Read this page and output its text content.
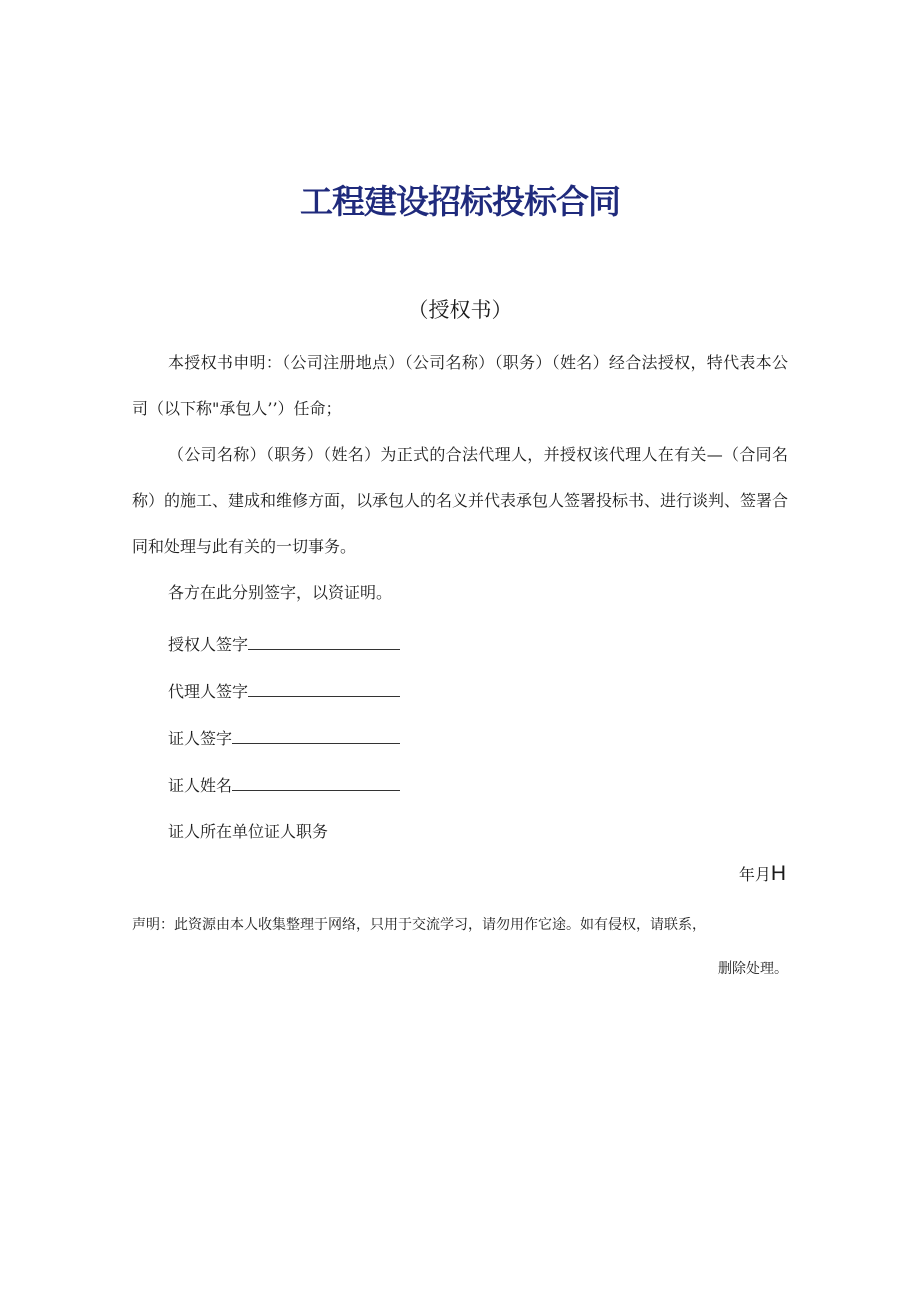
工程建设招标投标合同
（授权书）
本授权书申明：（公司注册地点）（公司名称）（职务）（姓名）经合法授权，特代表本公司（以下称"承包人’’）任命；
（公司名称）（职务）（姓名）为正式的合法代理人，并授权该代理人在有关—（合同名称）的施工、建成和维修方面，以承包人的名义并代表承包人签署投标书、进行谈判、签署合同和处理与此有关的一切事务。
各方在此分别签字，以资证明。
授权人签字
代理人签字
证人签字
证人姓名
证人所在单位证人职务
年月H
声明：此资源由本人收集整理于网络，只用于交流学习，请勿用作它途。如有侵权，请联系，
删除处理。
